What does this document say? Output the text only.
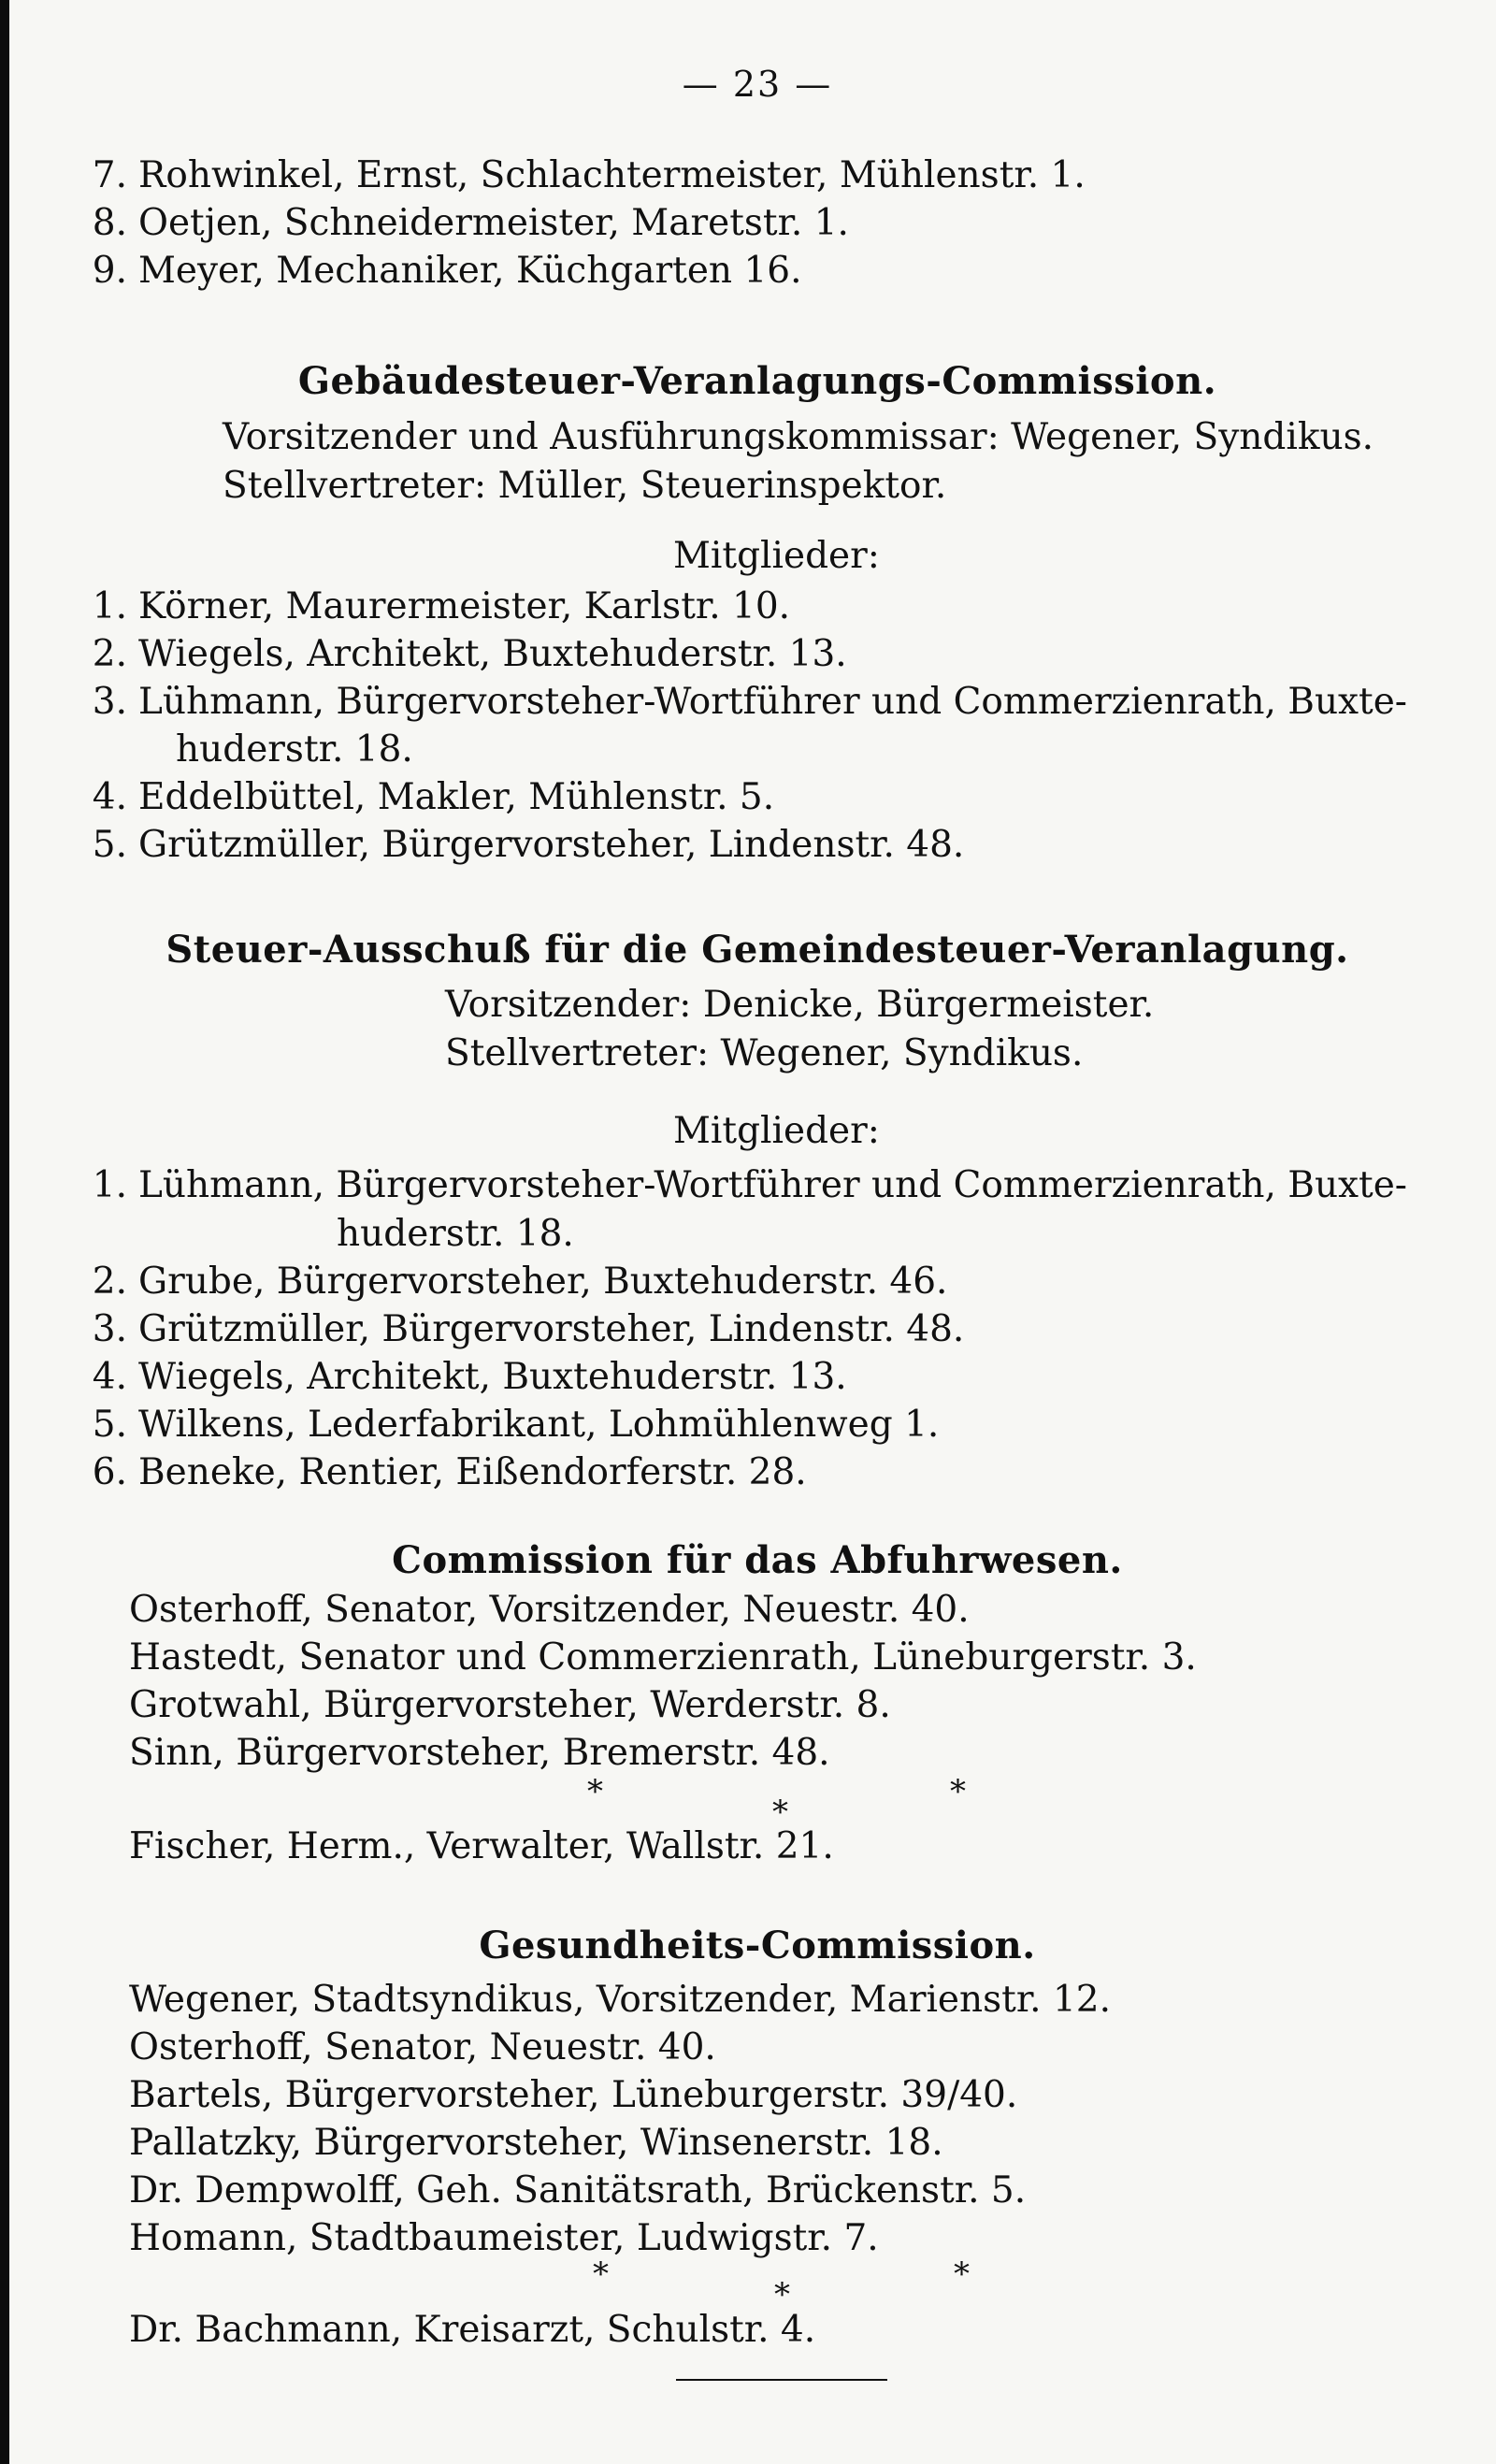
— 23 —
7. Rohwinkel, Ernst, Schlachtermeister, Mühlenstr. 1.
8. Oetjen, Schneidermeister, Maretstr. 1.
9. Meyer, Mechaniker, Küchgarten 16.
Gebäudesteuer-Veranlagungs-Commission.
Vorsitzender und Ausführungskommissar: Wegener, Syndikus.
Stellvertreter: Müller, Steuerinspektor.
Mitglieder:
1. Körner, Maurermeister, Karlstr. 10.
2. Wiegels, Architekt, Buxtehuderstr. 13.
3. Lühmann, Bürgervorsteher-Wortführer und Commerzienrath, Buxte-
huderstr. 18.
4. Eddelbüttel, Makler, Mühlenstr. 5.
5. Grützmüller, Bürgervorsteher, Lindenstr. 48.
Steuer-Ausschuß für die Gemeindesteuer-Veranlagung.
Vorsitzender: Denicke, Bürgermeister.
Stellvertreter: Wegener, Syndikus.
Mitglieder:
1. Lühmann, Bürgervorsteher-Wortführer und Commerzienrath, Buxte-
huderstr. 18.
2. Grube, Bürgervorsteher, Buxtehuderstr. 46.
3. Grützmüller, Bürgervorsteher, Lindenstr. 48.
4. Wiegels, Architekt, Buxtehuderstr. 13.
5. Wilkens, Lederfabrikant, Lohmühlenweg 1.
6. Beneke, Rentier, Eißendorferstr. 28.
Commission für das Abfuhrwesen.
Osterhoff, Senator, Vorsitzender, Neuestr. 40.
Hastedt, Senator und Commerzienrath, Lüneburgerstr. 3.
Grotwahl, Bürgervorsteher, Werderstr. 8.
Sinn, Bürgervorsteher, Bremerstr. 48.
*
*
*
Fischer, Herm., Verwalter, Wallstr. 21.
Gesundheits-Commission.
Wegener, Stadtsyndikus, Vorsitzender, Marienstr. 12.
Osterhoff, Senator, Neuestr. 40.
Bartels, Bürgervorsteher, Lüneburgerstr. 39/40.
Pallatzky, Bürgervorsteher, Winsenerstr. 18.
Dr. Dempwolff, Geh. Sanitätsrath, Brückenstr. 5.
Homann, Stadtbaumeister, Ludwigstr. 7.
*
*
*
Dr. Bachmann, Kreisarzt, Schulstr. 4.
